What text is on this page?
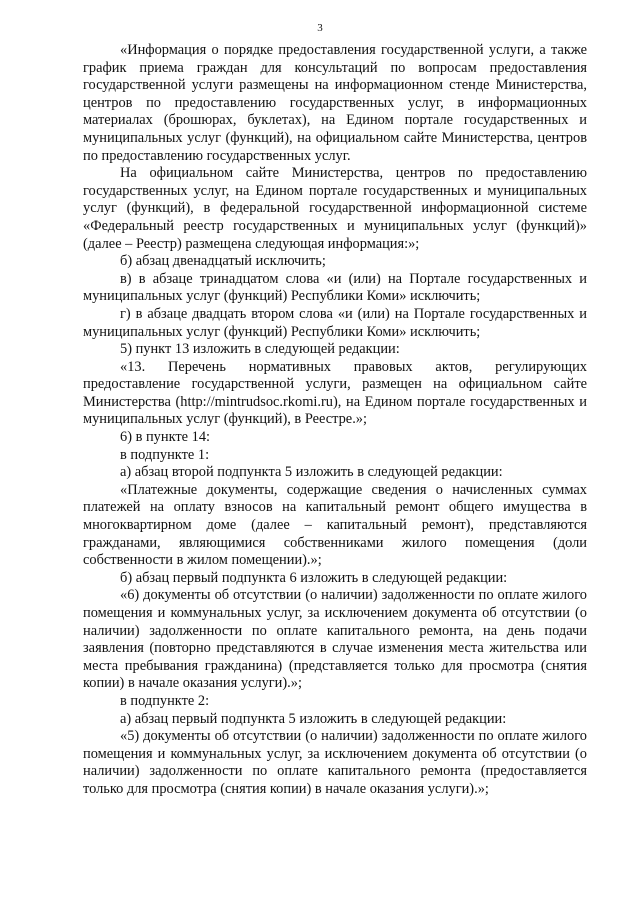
3

«Информация о порядке предоставления государственной услуги, а также график приема граждан для консультаций по вопросам предоставления государственной услуги размещены на информационном стенде Министерства, центров по предоставлению государственных услуг, в информационных материалах (брошюрах, буклетах), на Едином портале государственных и муниципальных услуг (функций), на официальном сайте Министерства, центров по предоставлению государственных услуг.

На официальном сайте Министерства, центров по предоставлению государственных услуг, на Едином портале государственных и муниципальных услуг (функций), в федеральной государственной информационной системе «Федеральный реестр государственных и муниципальных услуг (функций)» (далее – Реестр) размещена следующая информация:»;

б) абзац двенадцатый исключить;

в) в абзаце тринадцатом слова «и (или) на Портале государственных и муниципальных услуг (функций) Республики Коми» исключить;

г) в абзаце двадцать втором слова «и (или) на Портале государственных и муниципальных услуг (функций) Республики Коми» исключить;

5) пункт 13 изложить в следующей редакции:

«13. Перечень нормативных правовых актов, регулирующих предоставление государственной услуги, размещен на официальном сайте Министерства (http://mintrudsoc.rkomi.ru), на Едином портале государственных и муниципальных услуг (функций), в Реестре.»;

6) в пункте 14:

в подпункте 1:

а) абзац второй подпункта 5 изложить в следующей редакции:

«Платежные документы, содержащие сведения о начисленных суммах платежей на оплату взносов на капитальный ремонт общего имущества в многоквартирном доме (далее – капитальный ремонт), представляются гражданами, являющимися собственниками жилого помещения (доли собственности в жилом помещении).»;

б) абзац первый подпункта 6 изложить в следующей редакции:

«6) документы об отсутствии (о наличии) задолженности по оплате жилого помещения и коммунальных услуг, за исключением документа об отсутствии (о наличии) задолженности по оплате капитального ремонта, на день подачи заявления (повторно представляются в случае изменения места жительства или места пребывания гражданина) (представляется только для просмотра (снятия копии) в начале оказания услуги).»;

в подпункте 2:

а) абзац первый подпункта 5 изложить в следующей редакции:

«5) документы об отсутствии (о наличии) задолженности по оплате жилого помещения и коммунальных услуг, за исключением документа об отсутствии (о наличии) задолженности по оплате капитального ремонта (предоставляется только для просмотра (снятия копии) в начале оказания услуги).»;
